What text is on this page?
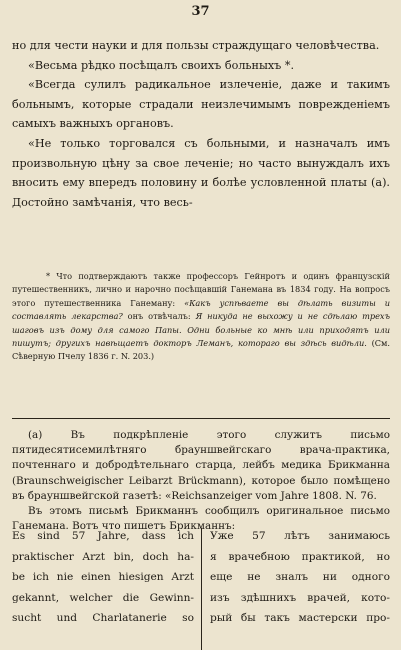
37

но для чести науки и для пользы страждущаго человѣчества.

«Весьма рѣдко посѣщалъ своихъ больныхъ *.

«Всегда сулилъ радикальное излеченіе, даже и такимъ больнымъ, которые страдали неизлечимымъ поврежденіемъ самыхъ важныхъ органовъ.

«Не только торговался съ больными, и назначалъ имъ произвольную цѣну за свое леченіе; но часто вынуждалъ ихъ вносить ему впередъ половину и болѣе условленной платы (а). Достойно замѣчанія, что весь-

* Что подтверждаютъ также профессоръ Гейнротъ и одинъ французскій путешественникъ, лично и нарочно посѣщавшій Ганемана въ 1834 году. На вопросъ этого путешественника Ганеману: «Какъ успѣваете вы дѣлать визиты и составлять лекарства? онъ отвѣчалъ: Я никуда не выхожу и не сдѣлаю трехъ шаговъ изъ дому для самого Папы. Одни больные ко мнѣ или приходятъ или пишутъ; другихъ навѣщаетъ докторъ Леманъ, котораго вы здѣсь видѣли. (См. Сѣверную Пчелу 1836 г. N. 203.)

(а) Въ подкрѣпленіе этого служитъ письмо пятидесятисемилѣтняго брауншвейгскаго врача-практика, почтеннаго и добродѣтельнаго старца, лейбъ медика Брикманна (Braunschweigischer Leibarzt Brückmann), которое было помѣщено въ брауншвейгской газетѣ: «Reichsanzeiger vom Jahre 1808. N. 76.

Въ этомъ письмѣ Брикманнъ сообщилъ оригинальное письмо Ганемана. Вотъ что пишетъ Брикманнъ:

Es sind 57 Jahre, dass ich
praktischer Arzt bin, doch ha-
be ich nie einen hiesigen Arzt
gekannt, welcher die Gewinn-
sucht und Charlatanerie so
Уже 57 лѣтъ занимаюсь
я врачебною практикой, но
еще не зналъ ни одного
изъ здѣшнихъ врачей, кото-
рый бы такъ мастерски про-
